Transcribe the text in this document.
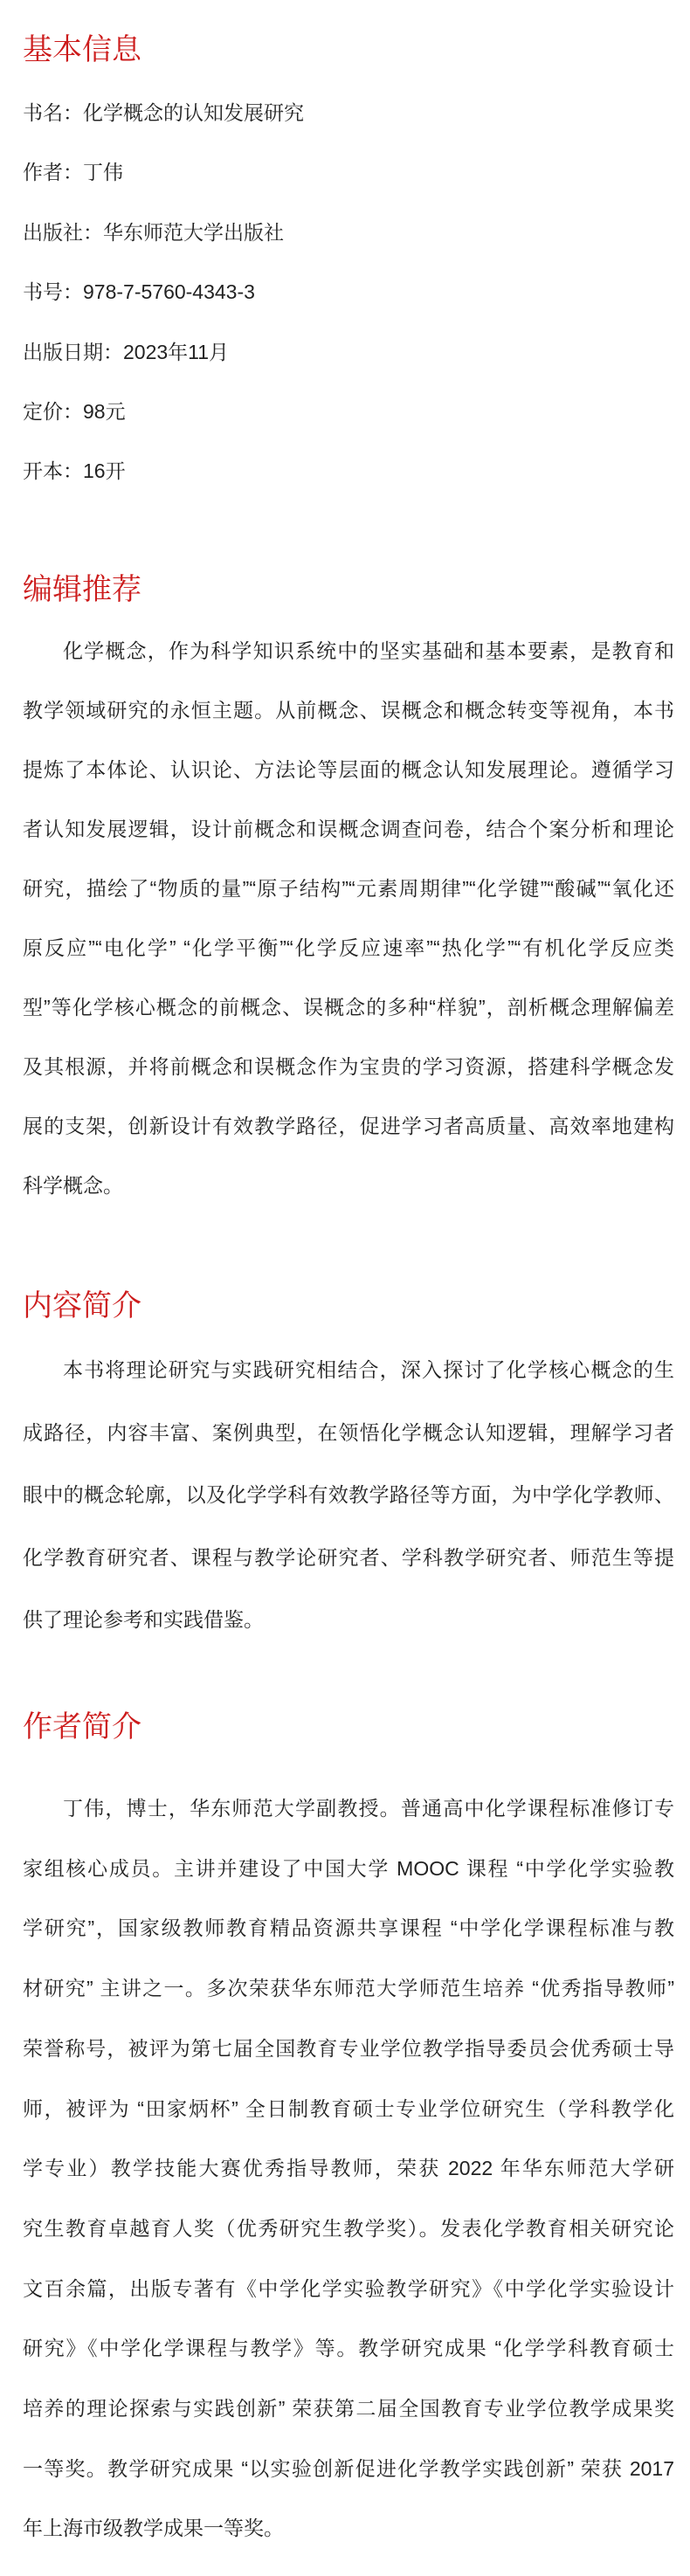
基本信息
书名：化学概念的认知发展研究
作者：丁伟
出版社：华东师范大学出版社
书号：978-7-5760-4343-3
出版日期：2023年11月
定价：98元
开本：16开
编辑推荐
化学概念，作为科学知识系统中的坚实基础和基本要素，是教育和
教学领域研究的永恒主题。从前概念、误概念和概念转变等视角，本书
提炼了本体论、认识论、方法论等层面的概念认知发展理论。遵循学习
者认知发展逻辑，设计前概念和误概念调查问卷，结合个案分析和理论
研究，描绘了“物质的量”“原子结构”“元素周期律”“化学键”“酸碱”“氧化还
原反应”“电化学” “化学平衡”“化学反应速率”“热化学”“有机化学反应类
型”等化学核心概念的前概念、误概念的多种“样貌”，剖析概念理解偏差
及其根源，并将前概念和误概念作为宝贵的学习资源，搭建科学概念发
展的支架，创新设计有效教学路径，促进学习者高质量、高效率地建构
科学概念。
内容简介
本书将理论研究与实践研究相结合，深入探讨了化学核心概念的生
成路径，内容丰富、案例典型，在领悟化学概念认知逻辑，理解学习者
眼中的概念轮廓，以及化学学科有效教学路径等方面，为中学化学教师、
化学教育研究者、课程与教学论研究者、学科教学研究者、师范生等提
供了理论参考和实践借鉴。
作者简介
丁伟，博士，华东师范大学副教授。普通高中化学课程标准修订专
家组核心成员。主讲并建设了中国大学 MOOC 课程 “中学化学实验教
学研究”，国家级教师教育精品资源共享课程 “中学化学课程标准与教
材研究” 主讲之一。多次荣获华东师范大学师范生培养 “优秀指导教师”
荣誉称号，被评为第七届全国教育专业学位教学指导委员会优秀硕士导
师，被评为 “田家炳杯” 全日制教育硕士专业学位研究生（学科教学化
学专业）教学技能大赛优秀指导教师，荣获 2022 年华东师范大学研
究生教育卓越育人奖（优秀研究生教学奖）。发表化学教育相关研究论
文百余篇，出版专著有《中学化学实验教学研究》《中学化学实验设计
研究》《中学化学课程与教学》等。教学研究成果 “化学学科教育硕士
培养的理论探索与实践创新” 荣获第二届全国教育专业学位教学成果奖
一等奖。教学研究成果 “以实验创新促进化学教学实践创新” 荣获 2017
年上海市级教学成果一等奖。
